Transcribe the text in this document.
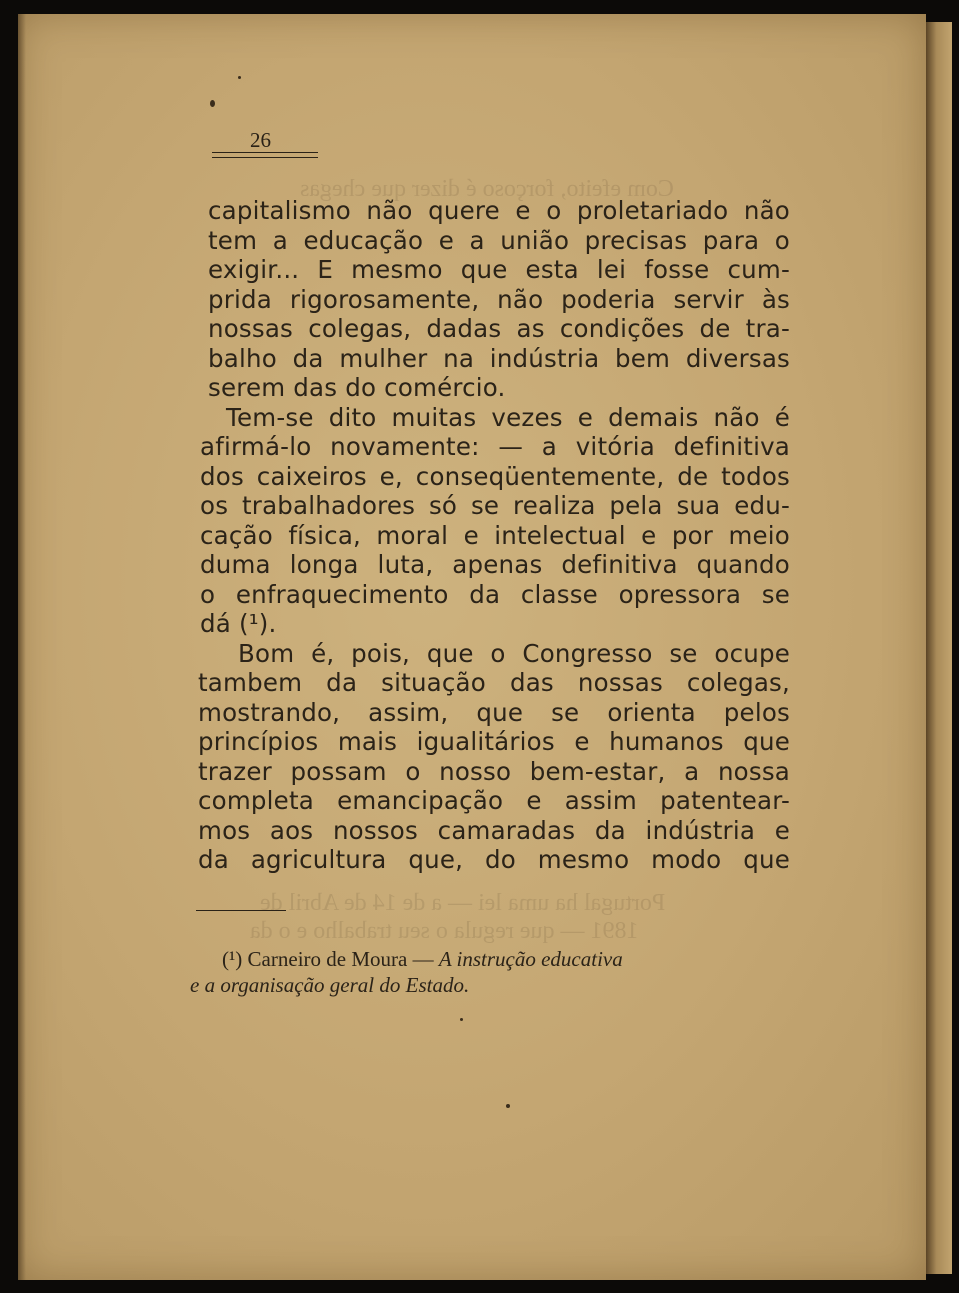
Com efeito, forçoso é dizer que chegas
Portugal ha uma lei — a de 14 de Abril de
1891 — que regula o seu trabalho e o da
26
capitalismo não quere e o proletariado não
tem a educação e a união precisas para o
exigir... E mesmo que esta lei fosse cum-
prida rigorosamente, não poderia servir às
nossas colegas, dadas as condições de tra-
balho da mulher na indústria bem diversas
serem das do comércio.
Tem-se dito muitas vezes e demais não é
afirmá-lo novamente: — a vitória definitiva
dos caixeiros e, conseqüentemente, de todos
os trabalhadores só se realiza pela sua edu-
cação física, moral e intelectual e por meio
duma longa luta, apenas definitiva quando
o enfraquecimento da classe opressora se
dá (¹).
Bom é, pois, que o Congresso se ocupe
tambem da situação das nossas colegas,
mostrando, assim, que se orienta pelos
princípios mais igualitários e humanos que
trazer possam o nosso bem-estar, a nossa
completa emancipação e assim patentear-
mos aos nossos camaradas da indústria e
da agricultura que, do mesmo modo que
(¹) Carneiro de Moura — A instrução educativa
e a organisação geral do Estado.
